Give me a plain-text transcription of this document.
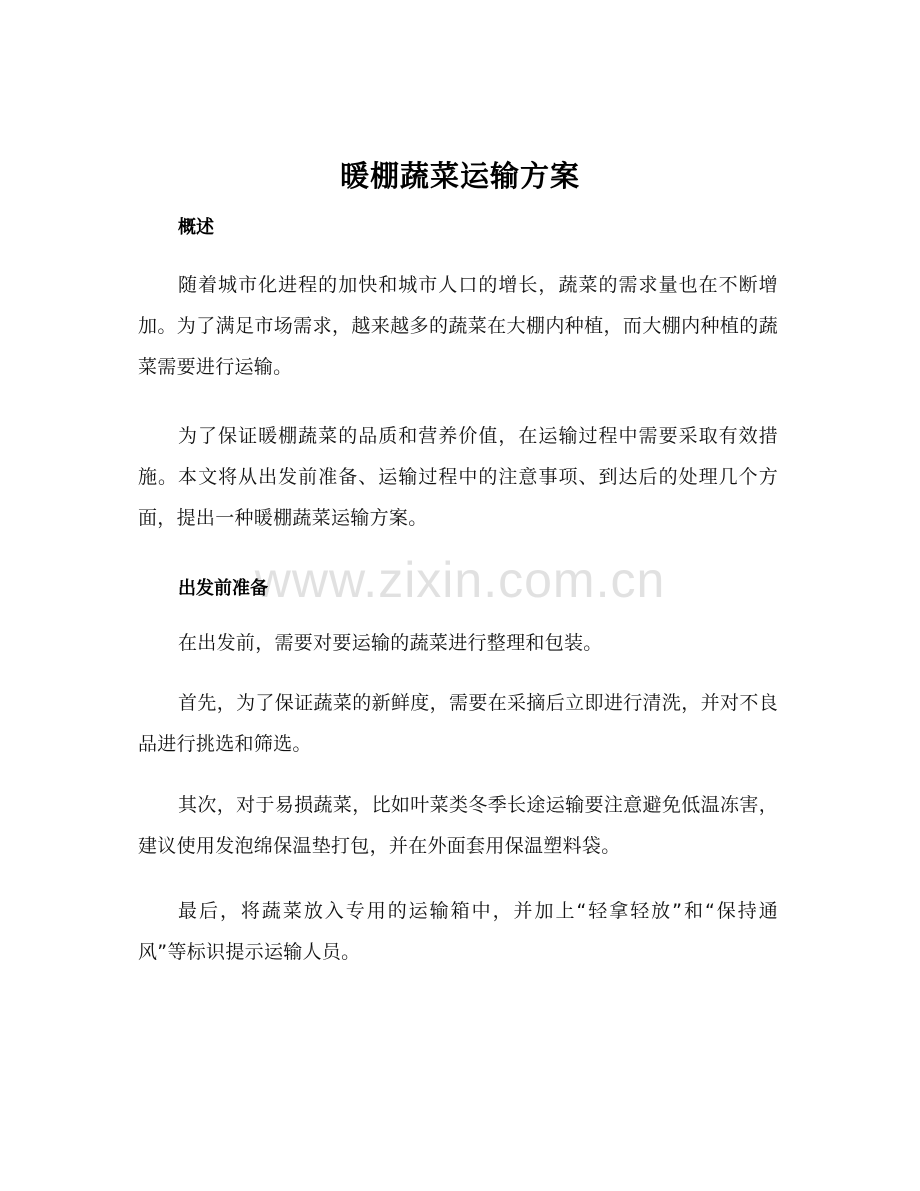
暖棚蔬菜运输方案
概述
随着城市化进程的加快和城市人口的增长，蔬菜的需求量也在不断增加。为了满足市场需求，越来越多的蔬菜在大棚内种植，而大棚内种植的蔬菜需要进行运输。
为了保证暖棚蔬菜的品质和营养价值，在运输过程中需要采取有效措施。本文将从出发前准备、运输过程中的注意事项、到达后的处理几个方面，提出一种暖棚蔬菜运输方案。
www.zixin.com.cn
出发前准备
在出发前，需要对要运输的蔬菜进行整理和包装。
首先，为了保证蔬菜的新鲜度，需要在采摘后立即进行清洗，并对不良品进行挑选和筛选。
其次，对于易损蔬菜，比如叶菜类冬季长途运输要注意避免低温冻害，建议使用发泡绵保温垫打包，并在外面套用保温塑料袋。
最后，将蔬菜放入专用的运输箱中，并加上“轻拿轻放”和“保持通风”等标识提示运输人员。
